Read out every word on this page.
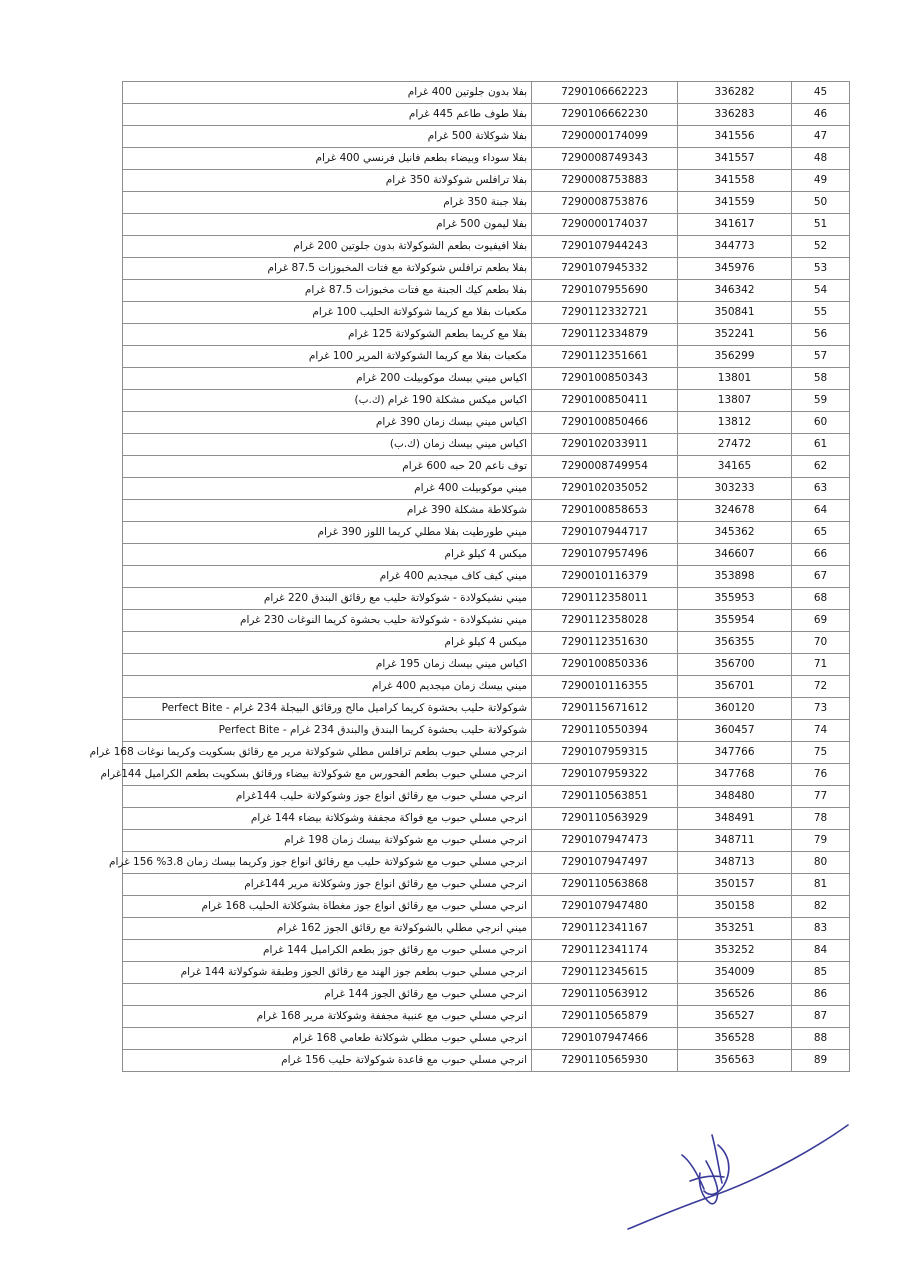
بفلا بدون جلوتين 400 غرام	7290106662223	336282	45
بفلا طوف طاعم 445 غرام	7290106662230	336283	46
بفلا شوكلاتة 500 غرام	7290000174099	341556	47
بفلا سوداء وبيضاء بطعم فانيل فرنسي 400 غرام	7290008749343	341557	48
بفلا ترافلس شوكولاتة 350 غرام	7290008753883	341558	49
بفلا جبنة 350 غرام	7290008753876	341559	50
بفلا ليمون 500 غرام	7290000174037	341617	51
بفلا افيفيوت بطعم الشوكولاتة بدون جلوتين 200 غرام	7290107944243	344773	52
بفلا بطعم ترافلس شوكولاتة مع فتات المخبوزات 87.5 غرام	7290107945332	345976	53
بفلا بطعم كيك الجبنة مع فتات مخبوزات 87.5 غرام	7290107955690	346342	54
مكعبات بفلا مع كريما شوكولاتة الحليب 100 غرام	7290112332721	350841	55
بفلا مع كريما بطعم الشوكولاتة 125 غرام	7290112334879	352241	56
مكعبات بفلا مع كريما الشوكولاتة المرير 100 غرام	7290112351661	356299	57
اكياس ميني بيسك موكوبيلت 200 غرام	7290100850343	13801	58
اكياس ميكس مشكلة 190 غرام (ك.ب)	7290100850411	13807	59
اكياس ميني بيسك زمان 390 غرام	7290100850466	13812	60
اكياس ميني بيسك زمان (ك.ب)	7290102033911	27472	61
توف ناعم 20 حبه 600 غرام	7290008749954	34165	62
ميني موكوبيلت 400 غرام	7290102035052	303233	63
شوكلاطة مشكلة 390 غرام	7290100858653	324678	64
ميني طورطيت بفلا مطلي كريما اللوز 390 غرام	7290107944717	345362	65
ميكس 4 كيلو غرام	7290107957496	346607	66
ميني كيف كاف ميجديم 400 غرام	7290010116379	353898	67
ميني نشيكولادة - شوكولاتة حليب مع رقائق البندق 220 غرام	7290112358011	355953	68
ميني نشيكولادة - شوكولاتة حليب بحشوة كريما النوغات 230 غرام	7290112358028	355954	69
ميكس 4 كيلو غرام	7290112351630	356355	70
اكياس ميني بيسك زمان 195 غرام	7290100850336	356700	71
ميني بيسك زمان ميجديم 400 غرام	7290010116355	356701	72
شوكولاتة حليب بحشوة كريما كراميل مالح ورقائق البيجلة 234 غرام - Perfect Bite	7290115671612	360120	73
شوكولاتة حليب بحشوة كريما البندق والبندق 234 غرام - Perfect Bite	7290110550394	360457	74
انرجي مسلي حبوب بطعم ترافلس مطلي شوكولاتة مرير مع رقائق بسكويت وكريما نوغات 168 غرام	7290107959315	347766	75
انرجي مسلي حبوب بطعم الفحورس مع شوكولاتة بيضاء ورقائق بسكويت بطعم الكراميل 144غرام	7290107959322	347768	76
انرجي مسلي حبوب مع رقائق انواع جوز وشوكولاتة حليب 144غرام	7290110563851	348480	77
انرجي مسلي حبوب مع فواكة مجففة وشوكلاتة بيضاء 144 غرام	7290110563929	348491	78
انرجي مسلي حبوب مع شوكولاتة بيسك زمان 198 غرام	7290107947473	348711	79
انرجي مسلي حبوب مع شوكولاتة حليب مع رقائق انواع جوز وكريما بيسك زمان 3.8% 156 غرام	7290107947497	348713	80
انرجي مسلي حبوب مع رقائق انواع جوز وشوكلاتة مرير 144غرام	7290110563868	350157	81
انرجي مسلي حبوب مع رقائق انواع جوز مغطاة بشوكلاتة الحليب 168 غرام	7290107947480	350158	82
ميني انرجي مطلي بالشوكولاتة مع رقائق الجوز 162 غرام	7290112341167	353251	83
انرجي مسلي حبوب مع رقائق جوز بطعم الكراميل 144 غرام	7290112341174	353252	84
انرجي مسلي حبوب بطعم جوز الهند مع رقائق الجوز وطبقة شوكولاتة 144 غرام	7290112345615	354009	85
انرجي مسلي حبوب مع رقائق الجوز 144 غرام	7290110563912	356526	86
انرجي مسلي حبوب مع عنبية مجففة وشوكلاتة مرير 168 غرام	7290110565879	356527	87
انرجي مسلي حبوب مطلي شوكلاتة طعامي 168 غرام	7290107947466	356528	88
انرجي مسلي حبوب مع قاعدة شوكولاتة حليب 156 غرام	7290110565930	356563	89
